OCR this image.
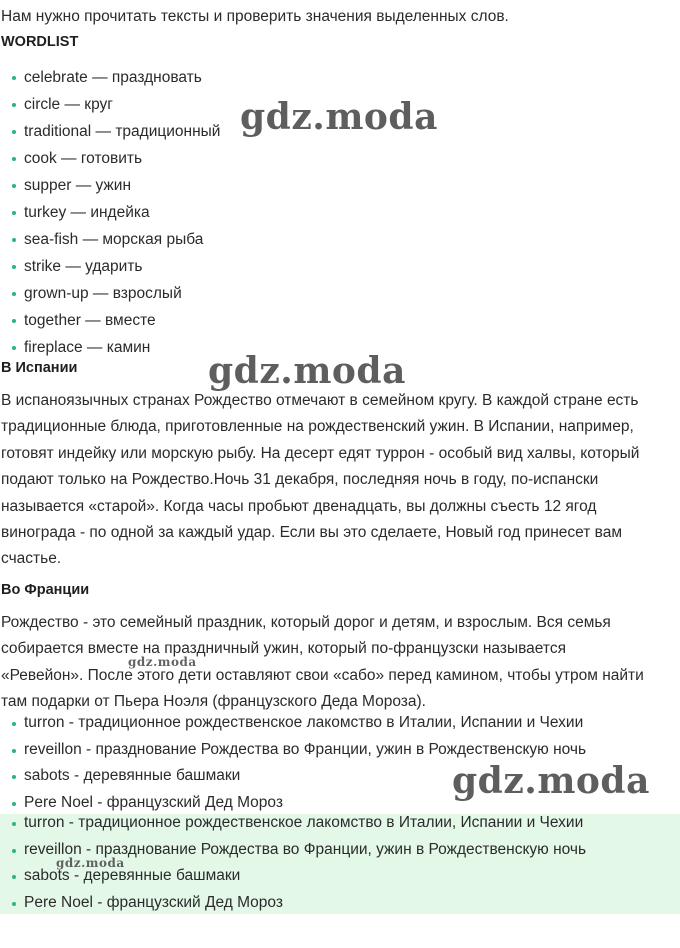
Нам нужно прочитать тексты и проверить значения выделенных слов.
WORDLIST
celebrate — праздновать
circle — круг
traditional — традиционный
cook — готовить
supper — ужин
turkey — индейка
sea-fish — морская рыба
strike — ударить
grown-up — взрослый
together — вместе
fireplace — камин
В Испании

В испаноязычных странах Рождество отмечают в семейном кругу. В каждой стране есть
традиционные блюда, приготовленные на рождественский ужин. В Испании, например,
готовят индейку или морскую рыбу. На десерт едят туррон - особый вид халвы, который
подают только на Рождество.Ночь 31 декабря, последняя ночь в году, по-испански
называется «старой». Когда часы пробьют двенадцать, вы должны съесть 12 ягод
винограда - по одной за каждый удар. Если вы это сделаете, Новый год принесет вам
счастье.

Во Франции

Рождество - это семейный праздник, который дорог и детям, и взрослым. Вся семья
собирается вместе на праздничный ужин, который по-французски называется
«Ревейон». После этого дети оставляют свои «сабо» перед камином, чтобы утром найти
там подарки от Пьера Ноэля (французского Деда Мороза).

turron - традиционное рождественское лакомство в Италии, Испании и Чехии
reveillon - празднование Рождества во Франции, ужин в Рождественскую ночь
sabots - деревянные башмаки
Pere Noel - французский Дед Мороз
turron - традиционное рождественское лакомство в Италии, Испании и Чехии
reveillon - празднование Рождества во Франции, ужин в Рождественскую ночь
sabots - деревянные башмаки
Pere Noel - французский Дед Мороз
gdz.moda
gdz.moda
gdz.moda
gdz.moda
gdz.moda
